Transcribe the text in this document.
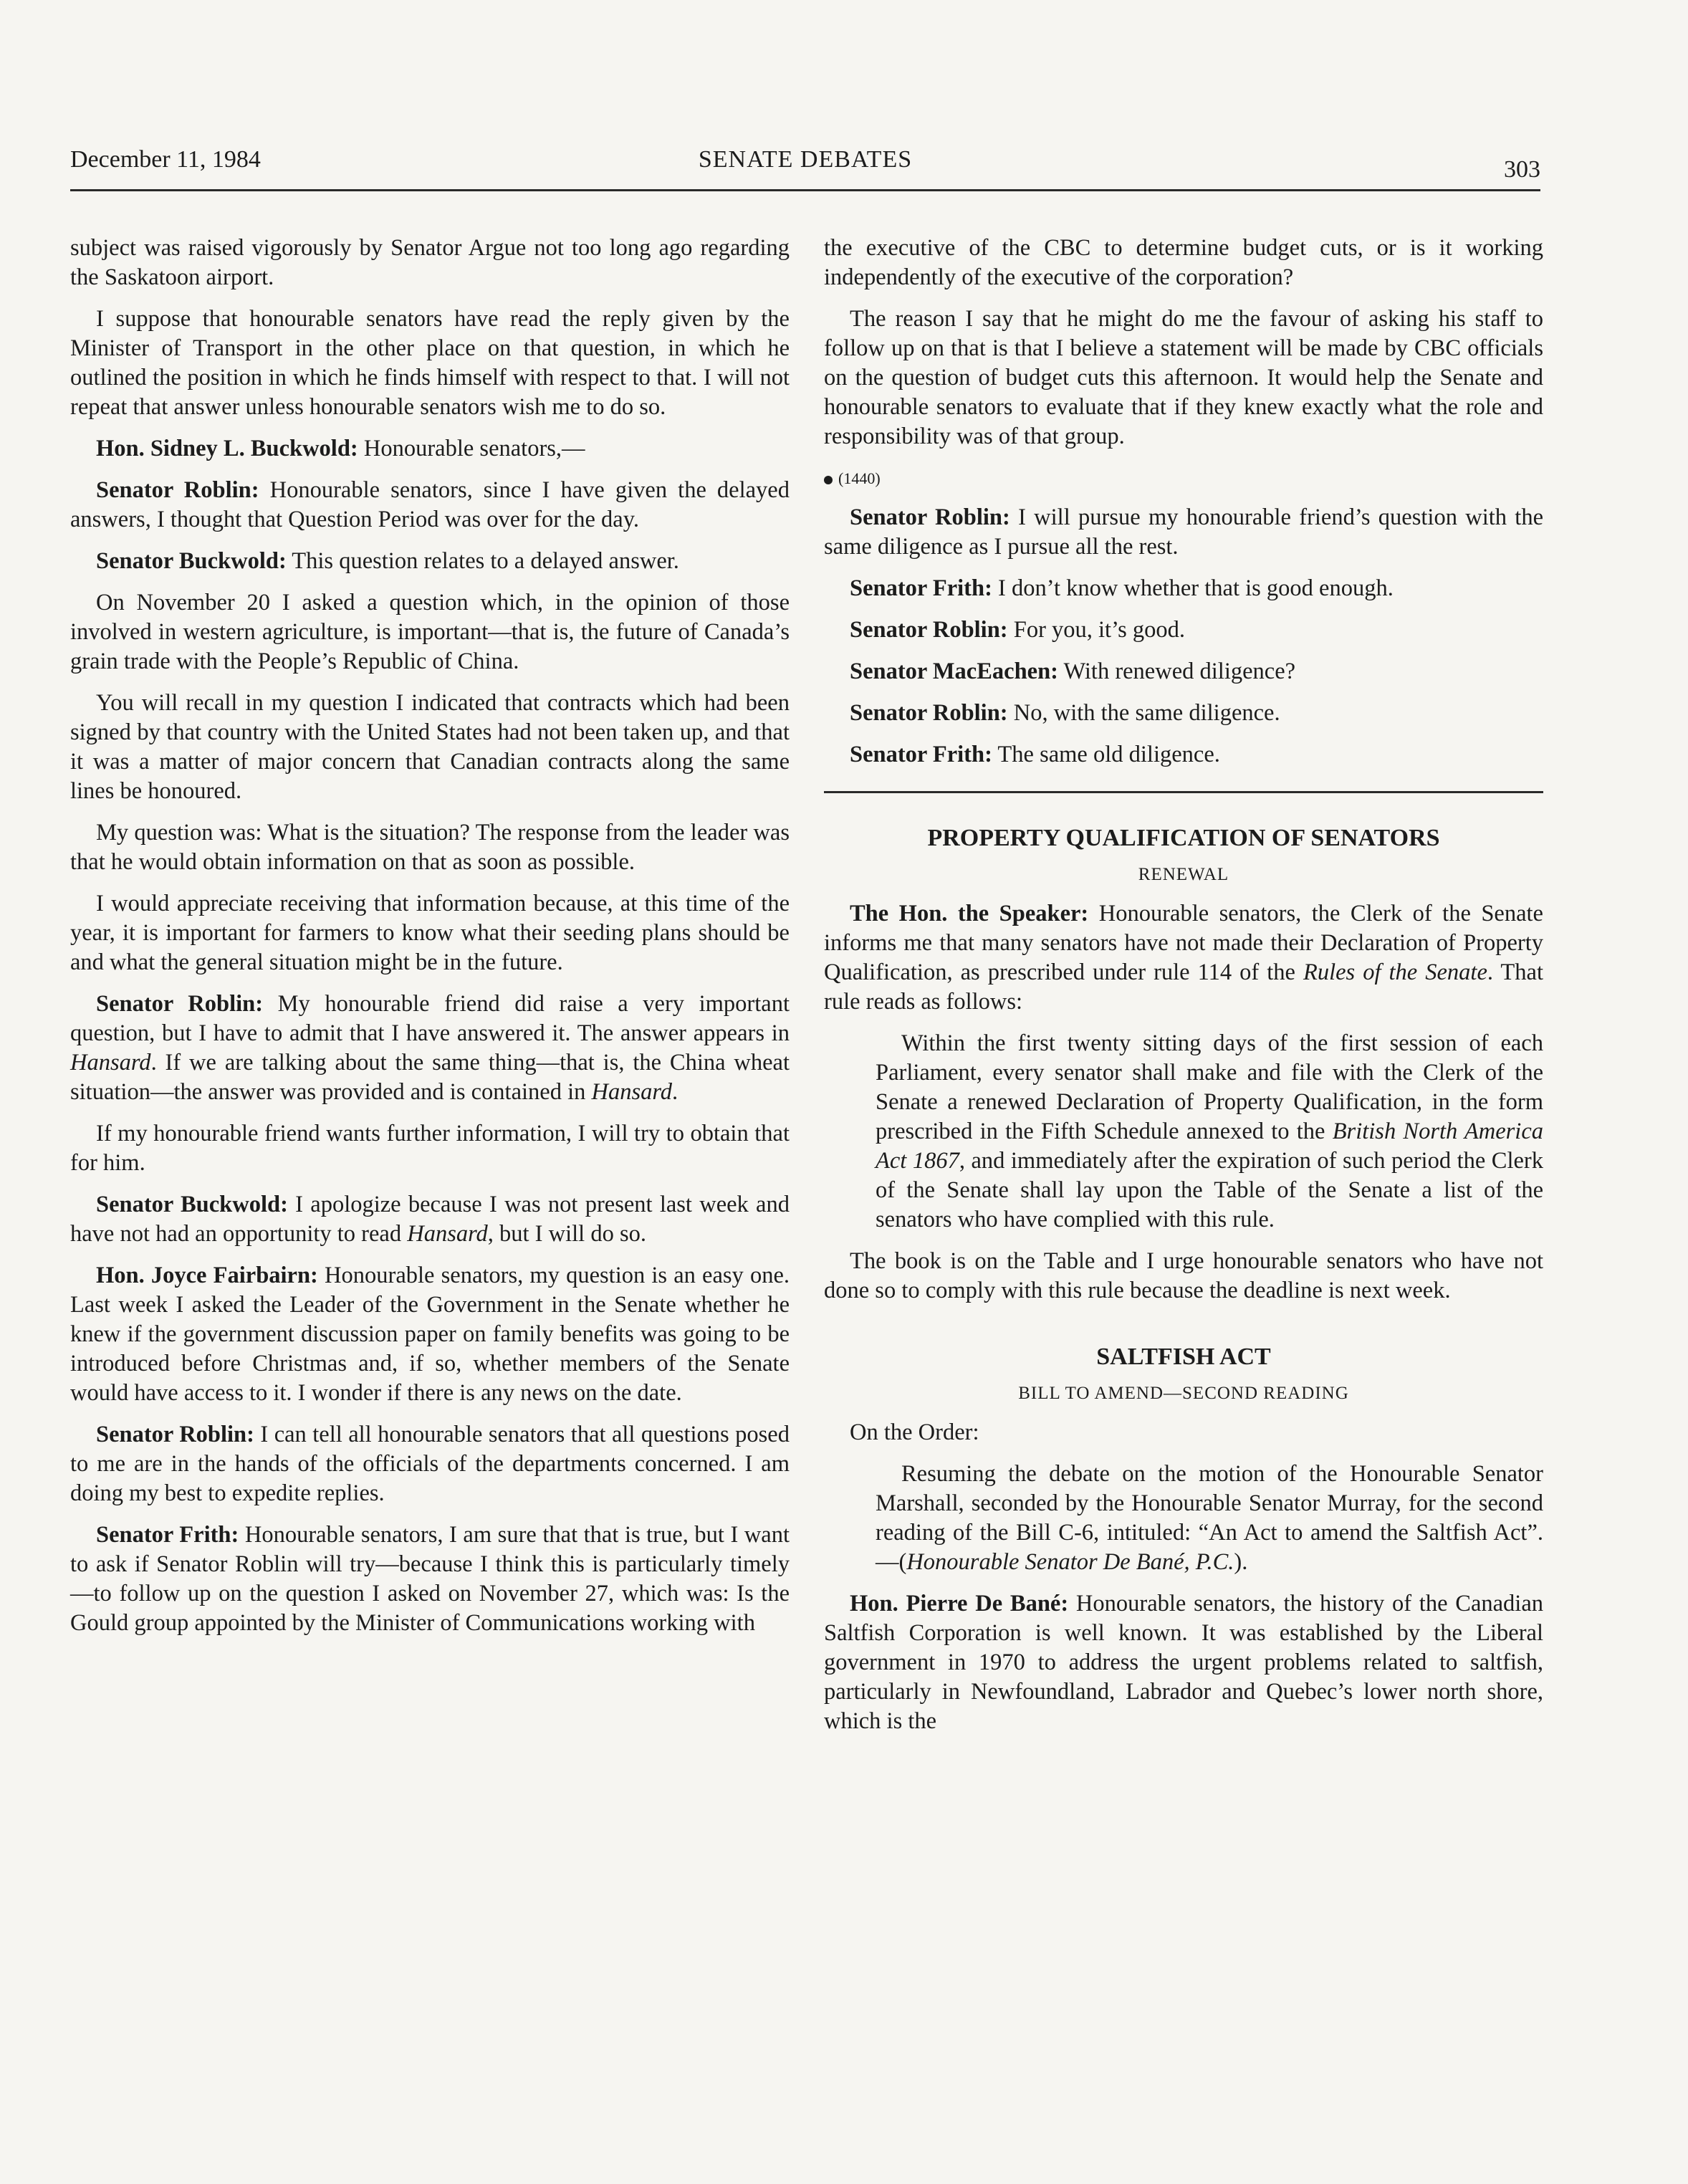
December 11, 1984	SENATE DEBATES	303

subject was raised vigorously by Senator Argue not too long ago regarding the Saskatoon airport.

I suppose that honourable senators have read the reply given by the Minister of Transport in the other place on that question, in which he outlined the position in which he finds himself with respect to that. I will not repeat that answer unless honourable senators wish me to do so.

Hon. Sidney L. Buckwold: Honourable senators,—

Senator Roblin: Honourable senators, since I have given the delayed answers, I thought that Question Period was over for the day.

Senator Buckwold: This question relates to a delayed answer.

On November 20 I asked a question which, in the opinion of those involved in western agriculture, is important—that is, the future of Canada’s grain trade with the People’s Republic of China.

You will recall in my question I indicated that contracts which had been signed by that country with the United States had not been taken up, and that it was a matter of major concern that Canadian contracts along the same lines be honoured.

My question was: What is the situation? The response from the leader was that he would obtain information on that as soon as possible.

I would appreciate receiving that information because, at this time of the year, it is important for farmers to know what their seeding plans should be and what the general situation might be in the future.

Senator Roblin: My honourable friend did raise a very important question, but I have to admit that I have answered it. The answer appears in Hansard. If we are talking about the same thing—that is, the China wheat situation—the answer was provided and is contained in Hansard.

If my honourable friend wants further information, I will try to obtain that for him.

Senator Buckwold: I apologize because I was not present last week and have not had an opportunity to read Hansard, but I will do so.

Hon. Joyce Fairbairn: Honourable senators, my question is an easy one. Last week I asked the Leader of the Government in the Senate whether he knew if the government discussion paper on family benefits was going to be introduced before Christmas and, if so, whether members of the Senate would have access to it. I wonder if there is any news on the date.

Senator Roblin: I can tell all honourable senators that all questions posed to me are in the hands of the officials of the departments concerned. I am doing my best to expedite replies.

Senator Frith: Honourable senators, I am sure that that is true, but I want to ask if Senator Roblin will try—because I think this is particularly timely—to follow up on the question I asked on November 27, which was: Is the Gould group appointed by the Minister of Communications working with

the executive of the CBC to determine budget cuts, or is it working independently of the executive of the corporation?

The reason I say that he might do me the favour of asking his staff to follow up on that is that I believe a statement will be made by CBC officials on the question of budget cuts this afternoon. It would help the Senate and honourable senators to evaluate that if they knew exactly what the role and responsibility was of that group.

(1440)

Senator Roblin: I will pursue my honourable friend’s question with the same diligence as I pursue all the rest.

Senator Frith: I don’t know whether that is good enough.

Senator Roblin: For you, it’s good.

Senator MacEachen: With renewed diligence?

Senator Roblin: No, with the same diligence.

Senator Frith: The same old diligence.

PROPERTY QUALIFICATION OF SENATORS
RENEWAL

The Hon. the Speaker: Honourable senators, the Clerk of the Senate informs me that many senators have not made their Declaration of Property Qualification, as prescribed under rule 114 of the Rules of the Senate. That rule reads as follows:

Within the first twenty sitting days of the first session of each Parliament, every senator shall make and file with the Clerk of the Senate a renewed Declaration of Property Qualification, in the form prescribed in the Fifth Schedule annexed to the British North America Act 1867, and immediately after the expiration of such period the Clerk of the Senate shall lay upon the Table of the Senate a list of the senators who have complied with this rule.

The book is on the Table and I urge honourable senators who have not done so to comply with this rule because the deadline is next week.

SALTFISH ACT
BILL TO AMEND—SECOND READING

On the Order:

Resuming the debate on the motion of the Honourable Senator Marshall, seconded by the Honourable Senator Murray, for the second reading of the Bill C-6, intituled: “An Act to amend the Saltfish Act”.—(Honourable Senator De Bané, P.C.).

Hon. Pierre De Bané: Honourable senators, the history of the Canadian Saltfish Corporation is well known. It was established by the Liberal government in 1970 to address the urgent problems related to saltfish, particularly in Newfoundland, Labrador and Quebec’s lower north shore, which is the
